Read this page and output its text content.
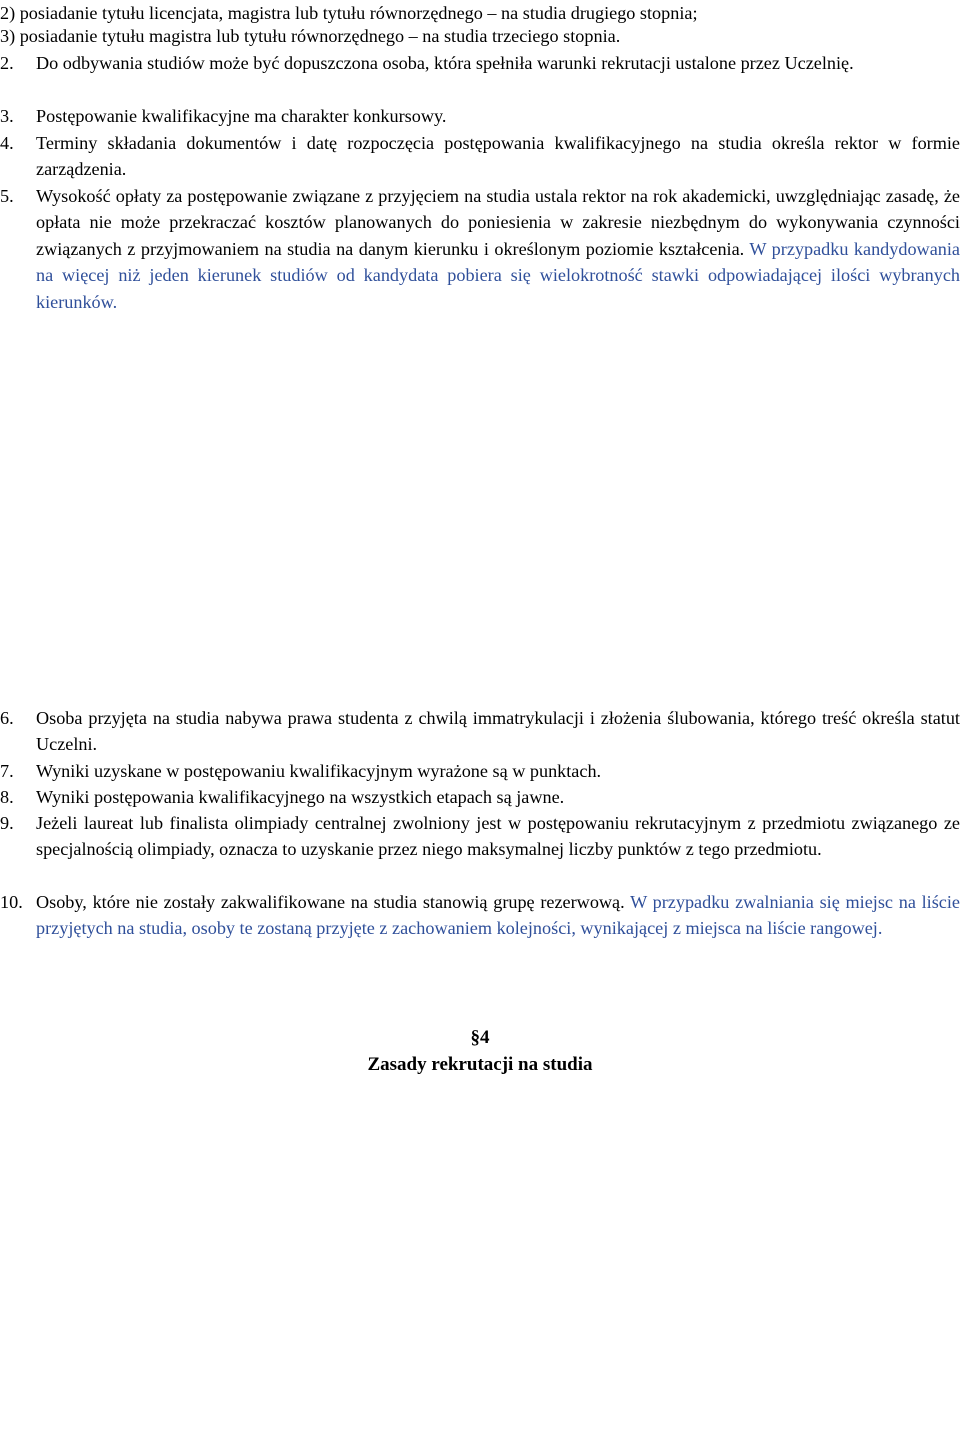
2) posiadanie tytułu licencjata, magistra lub tytułu równorzędnego – na studia drugiego stopnia;
3) posiadanie tytułu magistra lub tytułu równorzędnego – na studia trzeciego stopnia.
2.	Do odbywania studiów może być dopuszczona osoba, która spełniła warunki rekrutacji ustalone przez Uczelnię.
3.	Postępowanie kwalifikacyjne ma charakter konkursowy.
4.	Terminy składania dokumentów i datę rozpoczęcia postępowania kwalifikacyjnego na studia określa rektor w formie zarządzenia.
5.	Wysokość opłaty za postępowanie związane z przyjęciem na studia ustala rektor na rok akademicki, uwzględniając zasadę, że opłata nie może przekraczać kosztów planowanych do poniesienia w zakresie niezbędnym do wykonywania czynności związanych z przyjmowaniem na studia na danym kierunku i określonym poziomie kształcenia. W przypadku kandydowania na więcej niż jeden kierunek studiów od kandydata pobiera się wielokrotność stawki odpowiadającej ilości wybranych kierunków.
6.	Osoba przyjęta na studia nabywa prawa studenta z chwilą immatrykulacji i złożenia ślubowania, którego treść określa statut Uczelni.
7.	Wyniki uzyskane w postępowaniu kwalifikacyjnym wyrażone są w punktach.
8.	Wyniki postępowania kwalifikacyjnego na wszystkich etapach są jawne.
9.	Jeżeli laureat lub finalista olimpiady centralnej zwolniony jest w postępowaniu rekrutacyjnym z przedmiotu związanego ze specjalnością olimpiady, oznacza to uzyskanie przez niego maksymalnej liczby punktów z tego przedmiotu.
10. Osoby, które nie zostały zakwalifikowane na studia stanowią grupę rezerwową. W przypadku zwalniania się miejsc na liście przyjętych na studia, osoby te zostaną przyjęte z zachowaniem kolejności, wynikającej z miejsca na liście rangowej.
§4
Zasady rekrutacji na studia
